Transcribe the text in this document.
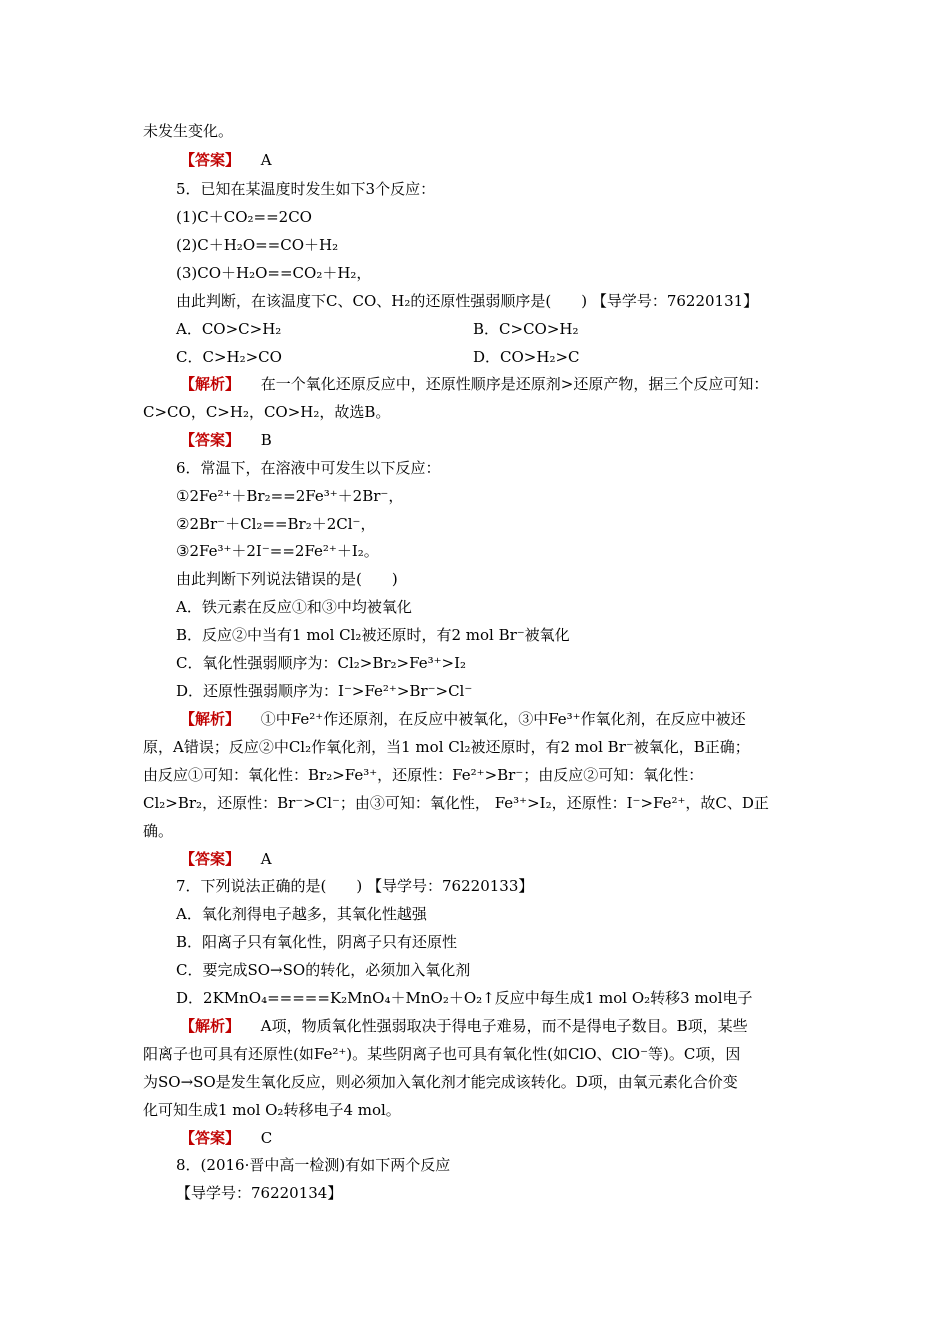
未发生变化。
【答案】 A
5．已知在某温度时发生如下3个反应：
(1)C＋CO₂==2CO
(2)C＋H₂O==CO＋H₂
(3)CO＋H₂O==CO₂＋H₂，
由此判断，在该温度下C、CO、H₂的还原性强弱顺序是(　　) 【导学号：76220131】
A．CO>C>H₂	B．C>CO>H₂
C．C>H₂>CO	D．CO>H₂>C
【解析】 在一个氧化还原反应中，还原性顺序是还原剂>还原产物，据三个反应可知：
C>CO，C>H₂，CO>H₂，故选B。
【答案】 B
6．常温下，在溶液中可发生以下反应：
①2Fe²⁺＋Br₂==2Fe³⁺＋2Br⁻，
②2Br⁻＋Cl₂==Br₂＋2Cl⁻，
③2Fe³⁺＋2I⁻==2Fe²⁺＋I₂。
由此判断下列说法错误的是(　　)
A．铁元素在反应①和③中均被氧化
B．反应②中当有1 mol Cl₂被还原时，有2 mol Br⁻被氧化
C．氧化性强弱顺序为：Cl₂>Br₂>Fe³⁺>I₂
D．还原性强弱顺序为：I⁻>Fe²⁺>Br⁻>Cl⁻
【解析】 ①中Fe²⁺作还原剂，在反应中被氧化，③中Fe³⁺作氧化剂，在反应中被还
原，A错误；反应②中Cl₂作氧化剂，当1 mol Cl₂被还原时，有2 mol Br⁻被氧化，B正确；
由反应①可知：氧化性：Br₂>Fe³⁺，还原性：Fe²⁺>Br⁻；由反应②可知：氧化性：
Cl₂>Br₂，还原性：Br⁻>Cl⁻；由③可知：氧化性， Fe³⁺>I₂，还原性：I⁻>Fe²⁺，故C、D正
确。
【答案】 A
7．下列说法正确的是(　　) 【导学号：76220133】
A．氧化剂得电子越多，其氧化性越强
B．阳离子只有氧化性，阴离子只有还原性
C．要完成SO→SO的转化，必须加入氧化剂
D．2KMnO₄=====K₂MnO₄＋MnO₂＋O₂↑反应中每生成1 mol O₂转移3 mol电子
【解析】 A项，物质氧化性强弱取决于得电子难易，而不是得电子数目。B项，某些
阳离子也可具有还原性(如Fe²⁺)。某些阴离子也可具有氧化性(如ClO、ClO⁻等)。C项，因
为SO→SO是发生氧化反应，则必须加入氧化剂才能完成该转化。D项，由氧元素化合价变
化可知生成1 mol O₂转移电子4 mol。
【答案】 C
8．(2016·晋中高一检测)有如下两个反应
【导学号：76220134】
